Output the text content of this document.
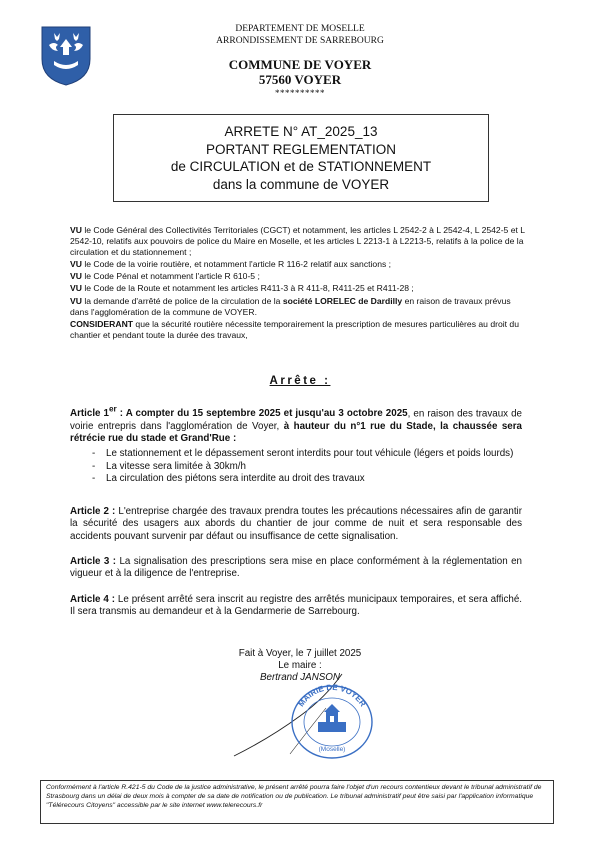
DEPARTEMENT DE MOSELLE
ARRONDISSEMENT DE SARREBOURG
COMMUNE DE VOYER
57560 VOYER
**********
ARRETE N° AT_2025_13
PORTANT REGLEMENTATION
de CIRCULATION et de STATIONNEMENT
dans la commune de VOYER

VU le Code Général des Collectivités Territoriales (CGCT) et notamment, les articles L 2542-2 à L 2542-4, L 2542-5 et L 2542-10, relatifs aux pouvoirs de police du Maire en Moselle, et les articles L 2213-1 à L2213-5, relatifs à la police de la circulation et du stationnement ;

VU le Code de la voirie routière, et notamment l'article R 116-2 relatif aux sanctions ;

VU le Code Pénal et notamment l'article R 610-5 ;

VU le Code de la Route et notamment les articles R411-3 à R 411-8, R411-25 et R411-28 ;

VU la demande d'arrêté de police de la circulation de la société LORELEC de Dardilly en raison de travaux prévus dans l'agglomération de la commune de VOYER.

CONSIDERANT que la sécurité routière nécessite temporairement la prescription de mesures particulières au droit du chantier et pendant toute la durée des travaux,

Arrête :

Article 1er : A compter du 15 septembre 2025 et jusqu'au 3 octobre 2025, en raison des travaux de voirie entrepris dans l'agglomération de Voyer, à hauteur du n°1 rue du Stade, la chaussée sera rétrécie rue du stade et Grand'Rue :

- Le stationnement et le dépassement seront interdits pour tout véhicule (légers et poids lourds)
- La vitesse sera limitée à 30km/h
- La circulation des piétons sera interdite au droit des travaux

Article 2 : L'entreprise chargée des travaux prendra toutes les précautions nécessaires afin de garantir la sécurité des usagers aux abords du chantier de jour comme de nuit et sera responsable des accidents pouvant survenir par défaut ou insuffisance de cette signalisation.

Article 3 : La signalisation des prescriptions sera mise en place conformément à la réglementation en vigueur et à la diligence de l'entreprise.

Article 4 : Le présent arrêté sera inscrit au registre des arrêtés municipaux temporaires, et sera affiché. Il sera transmis au demandeur et à la Gendarmerie de Sarrebourg.

Fait à Voyer, le 7 juillet 2025
Le maire :
Bertrand JANSON
MAIRIE DE VOYER
(Moselle)
Conformément à l'article R.421-5 du Code de la justice administrative, le présent arrêté pourra faire l'objet d'un recours contentieux devant le tribunal administratif de Strasbourg dans un délai de deux mois à compter de sa date de notification ou de publication. Le tribunal administratif peut être saisi par l'application informatique "Télérecours Citoyens" accessible par le site internet www.telerecours.fr
